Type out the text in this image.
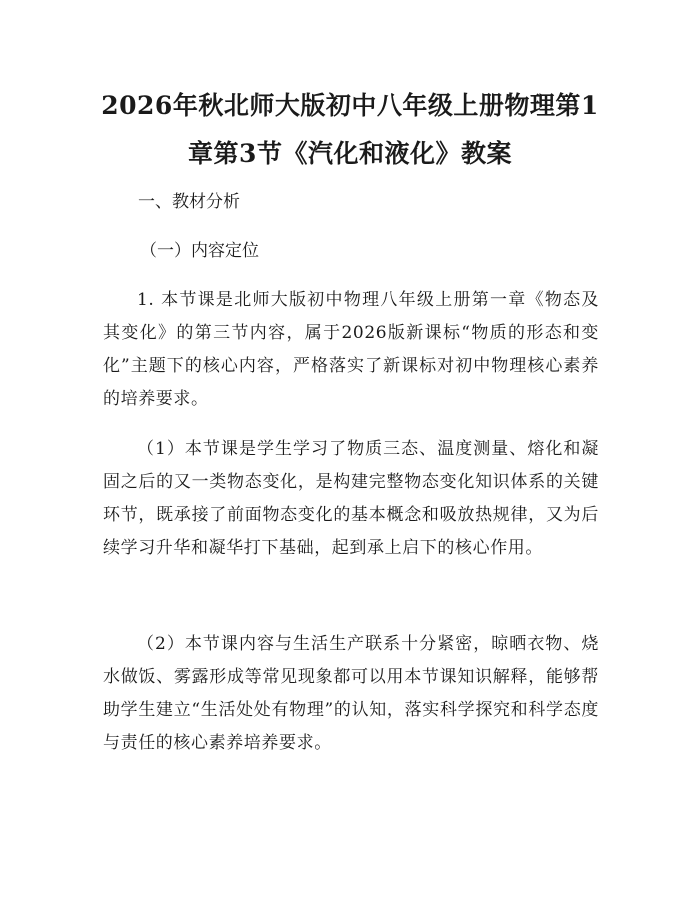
2026年秋北师大版初中八年级上册物理第1章第3节《汽化和液化》教案

一、教材分析

（一）内容定位

1. 本节课是北师大版初中物理八年级上册第一章《物态及其变化》的第三节内容，属于2026版新课标“物质的形态和变化”主题下的核心内容，严格落实了新课标对初中物理核心素养的培养要求。

（1）本节课是学生学习了物质三态、温度测量、熔化和凝固之后的又一类物态变化，是构建完整物态变化知识体系的关键环节，既承接了前面物态变化的基本概念和吸放热规律，又为后续学习升华和凝华打下基础，起到承上启下的核心作用。

（2）本节课内容与生活生产联系十分紧密，晾晒衣物、烧水做饭、雾露形成等常见现象都可以用本节课知识解释，能够帮助学生建立“生活处处有物理”的认知，落实科学探究和科学态度与责任的核心素养培养要求。
